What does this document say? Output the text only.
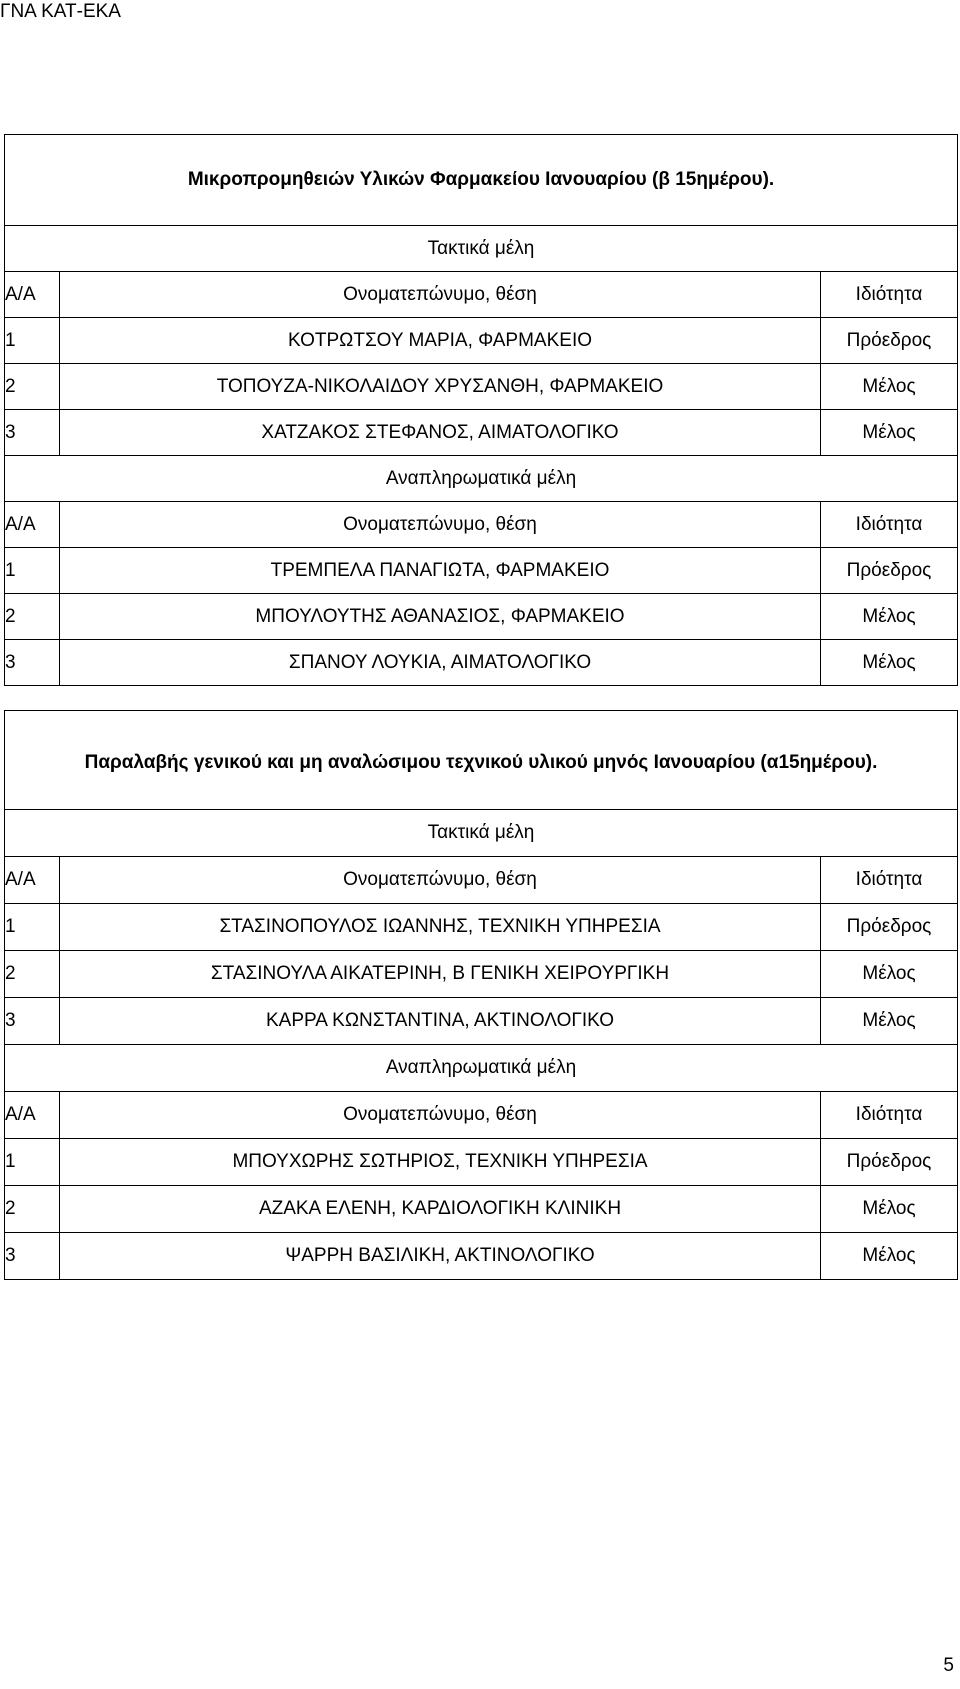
ΓΝΑ ΚΑΤ-ΕΚΑ
Μικροπρομηθειών Υλικών Φαρμακείου Ιανουαρίου (β 15ημέρου).		
Τακτικά μέλη		
Α/Α	Ονοματεπώνυμο, θέση	Ιδιότητα
1	ΚΟΤΡΩΤΣΟΥ ΜΑΡΙΑ, ΦΑΡΜΑΚΕΙΟ	Πρόεδρος
2	ΤΟΠΟΥΖΑ-ΝΙΚΟΛΑΙΔΟΥ ΧΡΥΣΑΝΘΗ, ΦΑΡΜΑΚΕΙΟ	Μέλος
3	ΧΑΤΖΑΚΟΣ ΣΤΕΦΑΝΟΣ, ΑΙΜΑΤΟΛΟΓΙΚΟ	Μέλος
Αναπληρωματικά μέλη		
Α/Α	Ονοματεπώνυμο, θέση	Ιδιότητα
1	ΤΡΕΜΠΕΛΑ ΠΑΝΑΓΙΩΤΑ, ΦΑΡΜΑΚΕΙΟ	Πρόεδρος
2	ΜΠΟΥΛΟΥΤΗΣ ΑΘΑΝΑΣΙΟΣ, ΦΑΡΜΑΚΕΙΟ	Μέλος
3	ΣΠΑΝΟΥ ΛΟΥΚΙΑ, ΑΙΜΑΤΟΛΟΓΙΚΟ	Μέλος
Παραλαβής γενικού και μη αναλώσιμου τεχνικού υλικού μηνός Ιανουαρίου (α15ημέρου).		
Τακτικά μέλη		
Α/Α	Ονοματεπώνυμο, θέση	Ιδιότητα
1	ΣΤΑΣΙΝΟΠΟΥΛΟΣ ΙΩΑΝΝΗΣ, ΤΕΧΝΙΚΗ ΥΠΗΡΕΣΙΑ	Πρόεδρος
2	ΣΤΑΣΙΝΟΥΛΑ ΑΙΚΑΤΕΡΙΝΗ, Β ΓΕΝΙΚΗ ΧΕΙΡΟΥΡΓΙΚΗ	Μέλος
3	ΚΑΡΡΑ ΚΩΝΣΤΑΝΤΙΝΑ, ΑΚΤΙΝΟΛΟΓΙΚΟ	Μέλος
Αναπληρωματικά μέλη		
Α/Α	Ονοματεπώνυμο, θέση	Ιδιότητα
1	ΜΠΟΥΧΩΡΗΣ ΣΩΤΗΡΙΟΣ, ΤΕΧΝΙΚΗ ΥΠΗΡΕΣΙΑ	Πρόεδρος
2	ΑΖΑΚΑ ΕΛΕΝΗ, ΚΑΡΔΙΟΛΟΓΙΚΗ ΚΛΙΝΙΚΗ	Μέλος
3	ΨΑΡΡΗ ΒΑΣΙΛΙΚΗ, ΑΚΤΙΝΟΛΟΓΙΚΟ	Μέλος
5
